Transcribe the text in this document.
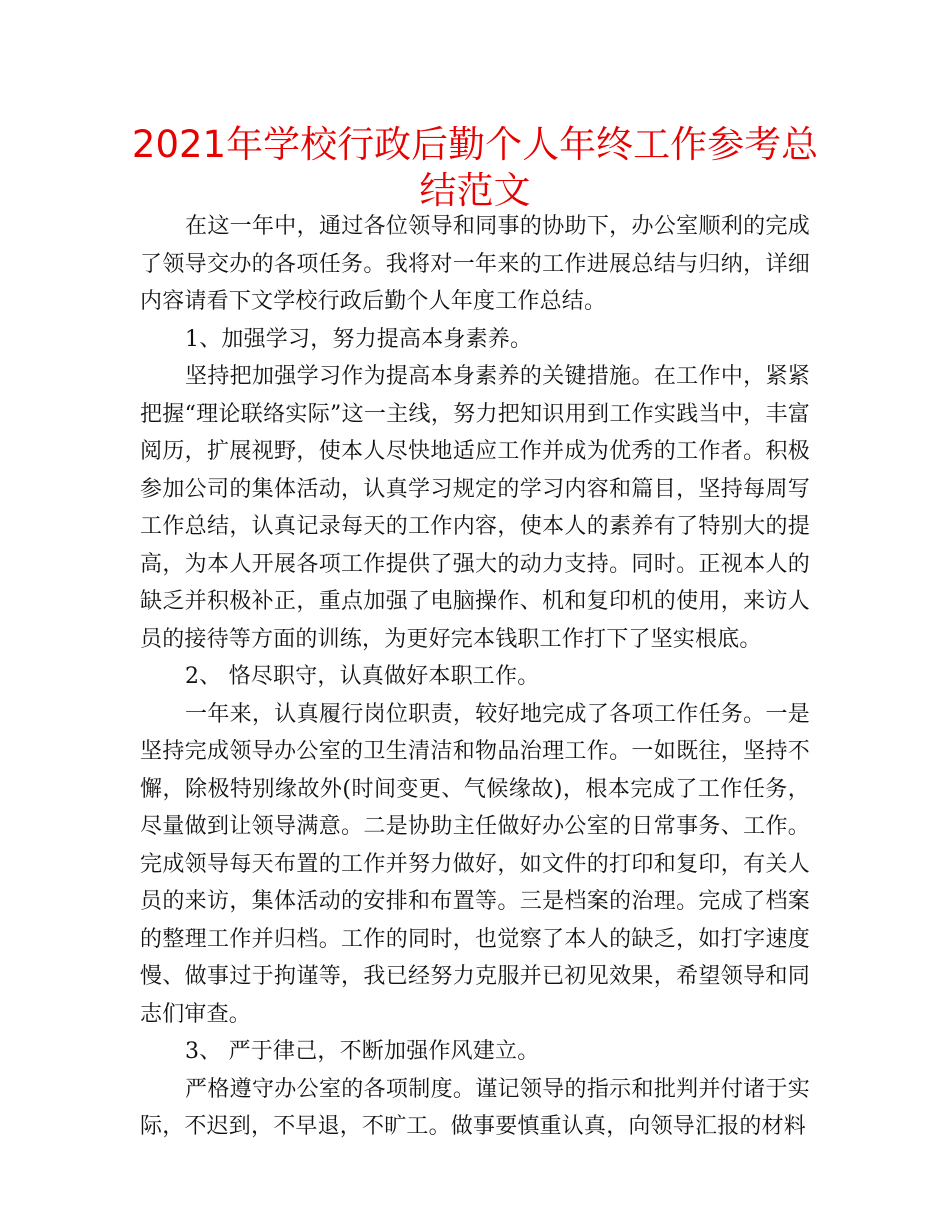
2021年学校行政后勤个人年终工作参考总结范文

在这一年中，通过各位领导和同事的协助下，办公室顺利的完成了领导交办的各项任务。我将对一年来的工作进展总结与归纳，详细内容请看下文学校行政后勤个人年度工作总结。

1、加强学习，努力提高本身素养。

坚持把加强学习作为提高本身素养的关键措施。在工作中，紧紧把握“理论联络实际”这一主线，努力把知识用到工作实践当中，丰富阅历，扩展视野，使本人尽快地适应工作并成为优秀的工作者。积极参加公司的集体活动，认真学习规定的学习内容和篇目，坚持每周写工作总结，认真记录每天的工作内容，使本人的素养有了特别大的提高，为本人开展各项工作提供了强大的动力支持。同时。正视本人的缺乏并积极补正，重点加强了电脑操作、机和复印机的使用，来访人员的接待等方面的训练，为更好完本钱职工作打下了坚实根底。

2、 恪尽职守，认真做好本职工作。

一年来，认真履行岗位职责，较好地完成了各项工作任务。一是坚持完成领导办公室的卫生清洁和物品治理工作。一如既往，坚持不懈，除极特别缘故外(时间变更、气候缘故)，根本完成了工作任务，尽量做到让领导满意。二是协助主任做好办公室的日常事务、工作。完成领导每天布置的工作并努力做好，如文件的打印和复印，有关人员的来访，集体活动的安排和布置等。三是档案的治理。完成了档案的整理工作并归档。工作的同时，也觉察了本人的缺乏，如打字速度慢、做事过于拘谨等，我已经努力克服并已初见效果，希望领导和同志们审查。

3、 严于律己，不断加强作风建立。

严格遵守办公室的各项制度。谨记领导的指示和批判并付诸于实际，不迟到，不早退，不旷工。做事要慎重认真，向领导汇报的材料
